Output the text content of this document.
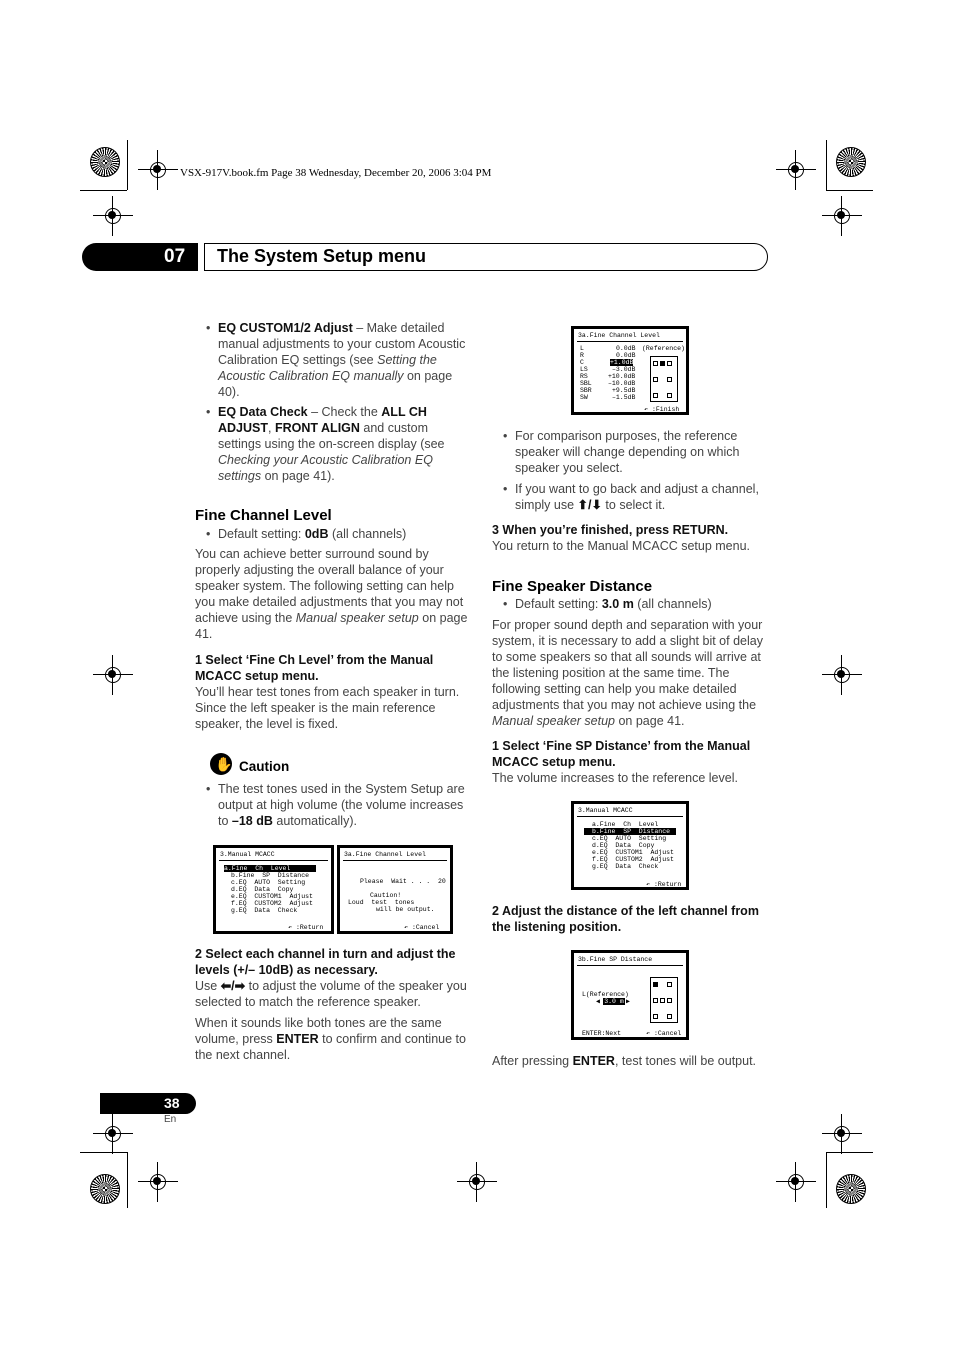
VSX-917V.book.fm Page 38 Wednesday, December 20, 2006 3:04 PM
07 The System Setup menu
• EQ CUSTOM1/2 Adjust – Make detailed manual adjustments to your custom Acoustic Calibration EQ settings (see Setting the Acoustic Calibration EQ manually on page 40).
• EQ Data Check – Check the ALL CH ADJUST, FRONT ALIGN and custom settings using the on-screen display (see Checking your Acoustic Calibration EQ settings on page 41).
Fine Channel Level
• Default setting: 0dB (all channels)
You can achieve better surround sound by properly adjusting the overall balance of your speaker system. The following setting can help you make detailed adjustments that you may not achieve using the Manual speaker setup on page 41.
1 Select ‘Fine Ch Level’ from the Manual MCACC setup menu.
You’ll hear test tones from each speaker in turn. Since the left speaker is the main reference speaker, the level is fixed.
✋ Caution
• The test tones used in the System Setup are output at high volume (the volume increases to –18 dB automatically).
3.Manual MCACC
a.Fine  Ch  Level
b.Fine  SP  Distance
c.EQ  AUTO  Setting
d.EQ  Data  Copy
e.EQ  CUSTOM1  Adjust
f.EQ  CUSTOM2  Adjust
g.EQ  Data  Check
↶ :Return
3a.Fine Channel Level
Please  Wait . . .  20
Caution!
Loud  test  tones
will be output.
↶ :Cancel
2 Select each channel in turn and adjust the levels (+/– 10dB) as necessary.
Use ⬅/➡ to adjust the volume of the speaker you selected to match the reference speaker.
When it sounds like both tones are the same volume, press ENTER to confirm and continue to the next channel.
3a.Fine Channel Level
L	0.0dB (Reference)
R	0.0dB
C	+1.0dB
LS	–3.0dB
RS	+10.0dB
SBL	–10.0dB
SBR	+9.5dB
SW	–1.5dB
↶ :Finish
• For comparison purposes, the reference speaker will change depending on which speaker you select.
• If you want to go back and adjust a channel, simply use ⬆/⬇ to select it.
3 When you’re finished, press RETURN.
You return to the Manual MCACC setup menu.
Fine Speaker Distance
• Default setting: 3.0 m (all channels)
For proper sound depth and separation with your system, it is necessary to add a slight bit of delay to some speakers so that all sounds will arrive at the listening position at the same time. The following setting can help you make detailed adjustments that you may not achieve using the Manual speaker setup on page 41.
1 Select ‘Fine SP Distance’ from the Manual MCACC setup menu.
The volume increases to the reference level.
3.Manual MCACC
a.Fine  Ch  Level
b.Fine  SP  Distance
c.EQ  AUTO  Setting
d.EQ  Data  Copy
e.EQ  CUSTOM1  Adjust
f.EQ  CUSTOM2  Adjust
g.EQ  Data  Check
↶ :Return
2 Adjust the distance of the left channel from the listening position.
3b.Fine SP Distance
L(Reference)
◀ 3.0 m ▶
ENTER:Next	↶ :Cancel
After pressing ENTER, test tones will be output.
38
En
